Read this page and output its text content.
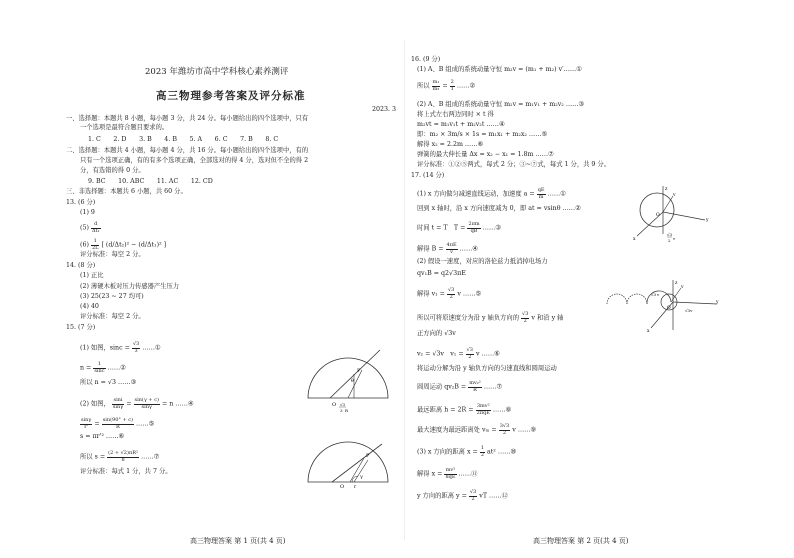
2023 年潍坊市高中学科核心素养测评
高三物理参考答案及评分标准
2023. 3
一、选择题：本题共 8 小题，每小题 3 分，共 24 分。每小题给出的四个选项中，只有
一个选项是最符合题目要求的。
1. C　　2. D　　3. B　　4. B　　5. A　　6. C　　7. B　　8. C
二、选择题：本题共 4 小题，每小题 4 分，共 16 分。每小题给出的四个选项中，有的
只有一个选项正确，有的有多个选项正确，全部选对的得 4 分，选对但不全的得 2
分，有选错的得 0 分。
9. BC　　10. ABC　　11. AC　　12. CD
三、非选择题：本题共 6 小题，共 60 分。
13. (6 分)
(1) 9
$(5) \frac{d}{\text{Δt₁}}$
$(6) \frac{1}{2L}$ [ (d/Δt₂)² − (d/Δt₁)² ]
评分标准：每空 2 分。
14. (8 分)
(1) 正比
(2) 薄硬木板对压力传感器产生压力
(3) 25(23 ~ 27 均可)
(4) 40
评分标准：每空 2 分。
15. (7 分)
(1) 如图，$\sin c = \frac{√3}{3}$ ……①
$n = \frac{1}{\sin c}$ ……②
所以 n = √3 ……③
(2) 如图， $\frac{\sin i}{\sin\gamma} = \frac{\sin(\gamma + c)}{\sin\gamma} = n$ ……④
$\frac{\sin\gamma}{r'} = \frac{\sin(90^\circ + c)}{R}$ ……⑤
s = πr'² ……⑥
所以 $s = \frac{\text{(2 + √2)πR²}}{8}$ ……⑦
评分标准：每式 1 分，共 7 分。
P
θ
O √3
3 R
P
O r
γ
高三物理答案 第 1 页(共 4 页)
16. (9 分)
(1) A、B 组成的系统动量守恒 m₂v = (m₁ + m₂) v′……①
所以 $\frac{\text{m₁}}{\text{m₂}} = \frac{2}{1}$ ……②
(2) A、B 组成的系统动量守恒 m₂v = m₁v₁ + m₂v₂ ……③
将上式左右两边同时 × t 得
m₂vt = m₁v₁t + m₂v₂t ……④
即：m₂ × 3m/s × 1s = m₁x₁ + m₂x₂ ……⑤
解得 x₂ = 2.2m ……⑥
弹簧的最大伸长量 Δx = x₂ − x₁ = 1.8m ……⑦
评分标准：①②⑤两式，每式 2 分；③~⑦式，每式 1 分，共 9 分。
17. (14 分)
(1) x 方向做匀减速直线运动，加速度 $a = \frac{qE}{m}$ ……①
回到 x 轴时，沿 x 方向速度减为 0，即 at = vsinθ ……②
时间 t = T　$T = \frac{2\pi m}{qB}$ ……③
解得 $B = \frac{4\pi E}{v}$ ……④
(2) 假设一速度，对应的洛伦兹力抵消掉电场力
qv₁B = q2√3πE
解得 $v_1 = \frac{√3}{2}$ v ……⑤
所以可将原速度分为沿 y 轴负方向的 $\frac{√3}{2}$ v 和沿 y 轴
正方向的 √3v
v₂ = √3v　$v_1 = \frac{√3}{2}$ v ……⑥
将运动分解为沿 y 轴负方向的匀速直线和圆周运动
圆周运动 $qv_2B = \frac{\text{mv₂²}}{R}$ ……⑦
最远距离 $h = 2R = \frac{\text{3mv²}}{\text{2πqE}}$ ……⑧
最大速度为最远距离处 $v_m = \frac{3√3}{2}$ v ……⑨
(3) x 方向的距离 $x = \frac{1}{2} at^2$ ……⑩
解得 $x = \frac{\text{mv²}}{8qE}$ ……⑪
y 方向的距离 $y = \frac{√3}{2}$ vT ……⑫
z
v
O
y
x
√3
2 v
z
v
O
y
x
√3 v
√3v
高三物理答案 第 2 页(共 4 页)
